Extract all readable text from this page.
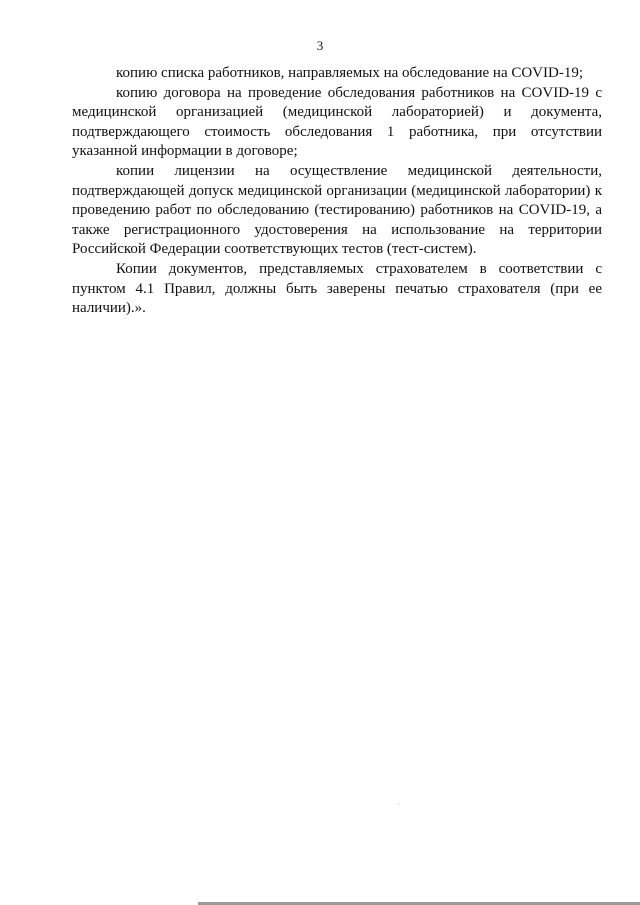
3

копию списка работников, направляемых на обследование на COVID-19;

копию договора на проведение обследования работников на COVID-19 с медицинской организацией (медицинской лабораторией) и документа, подтверждающего стоимость обследования 1 работника, при отсутствии указанной информации в договоре;

копии лицензии на осуществление медицинской деятельности, подтверждающей допуск медицинской организации (медицинской лаборатории) к проведению работ по обследованию (тестированию) работников на COVID-19, а также регистрационного удостоверения на использование на территории Российской Федерации соответствующих тестов (тест-систем).

Копии документов, представляемых страхователем в соответствии с пунктом 4.1 Правил, должны быть заверены печатью страхователя (при ее наличии).».
